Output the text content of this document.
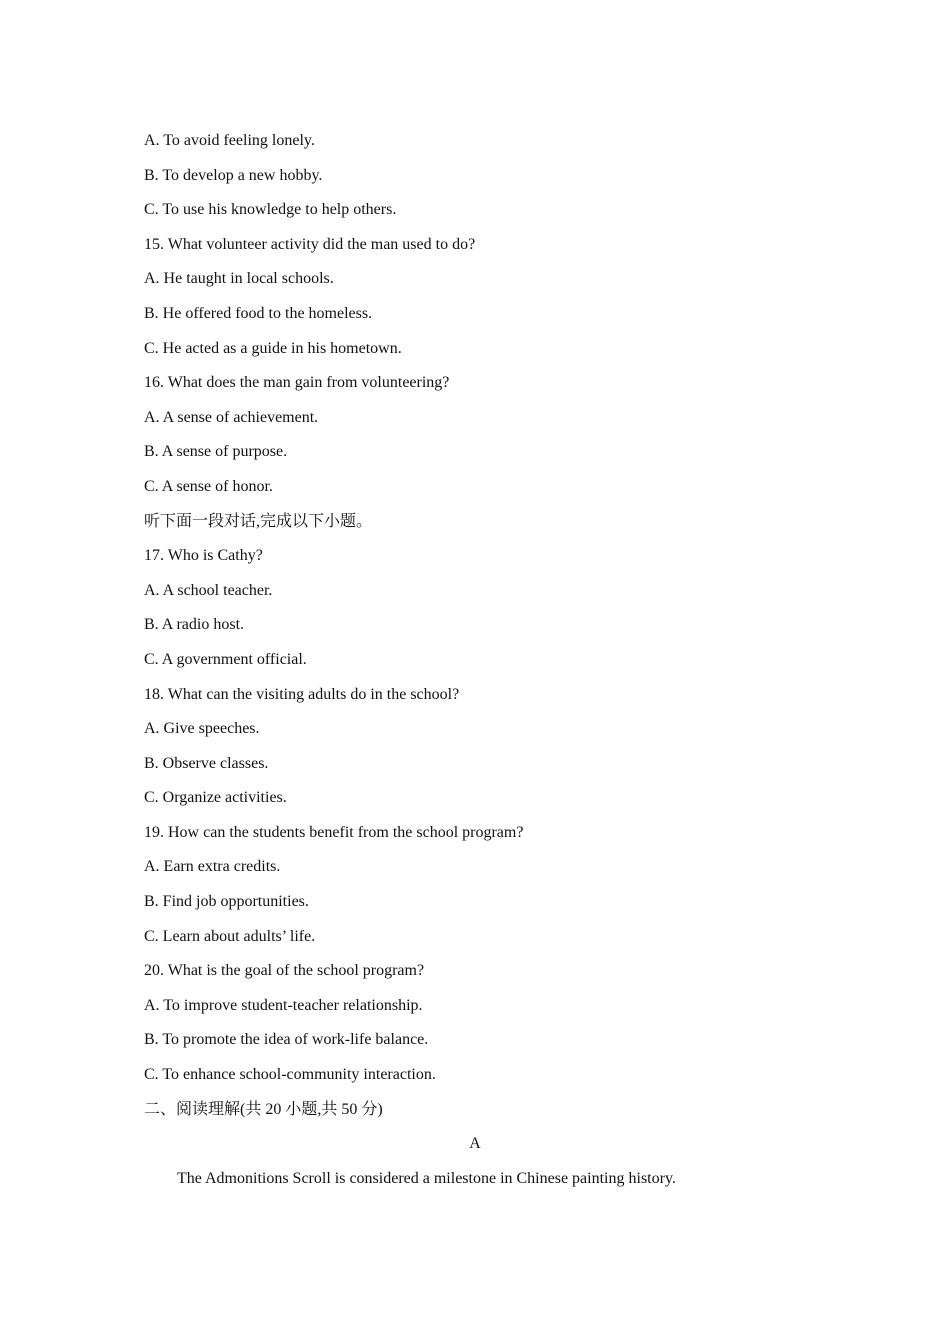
A. To avoid feeling lonely.
B. To develop a new hobby.
C. To use his knowledge to help others.
15. What volunteer activity did the man used to do?
A. He taught in local schools.
B. He offered food to the homeless.
C. He acted as a guide in his hometown.
16. What does the man gain from volunteering?
A. A sense of achievement.
B. A sense of purpose.
C. A sense of honor.
听下面一段对话,完成以下小题。
17. Who is Cathy?
A. A school teacher.
B. A radio host.
C. A government official.
18. What can the visiting adults do in the school?
A. Give speeches.
B. Observe classes.
C. Organize activities.
19. How can the students benefit from the school program?
A. Earn extra credits.
B. Find job opportunities.
C. Learn about adults’ life.
20. What is the goal of the school program?
A. To improve student-teacher relationship.
B. To promote the idea of work-life balance.
C. To enhance school-community interaction.
二、阅读理解(共 20 小题,共 50 分)
A
The Admonitions Scroll is considered a milestone in Chinese painting history.
